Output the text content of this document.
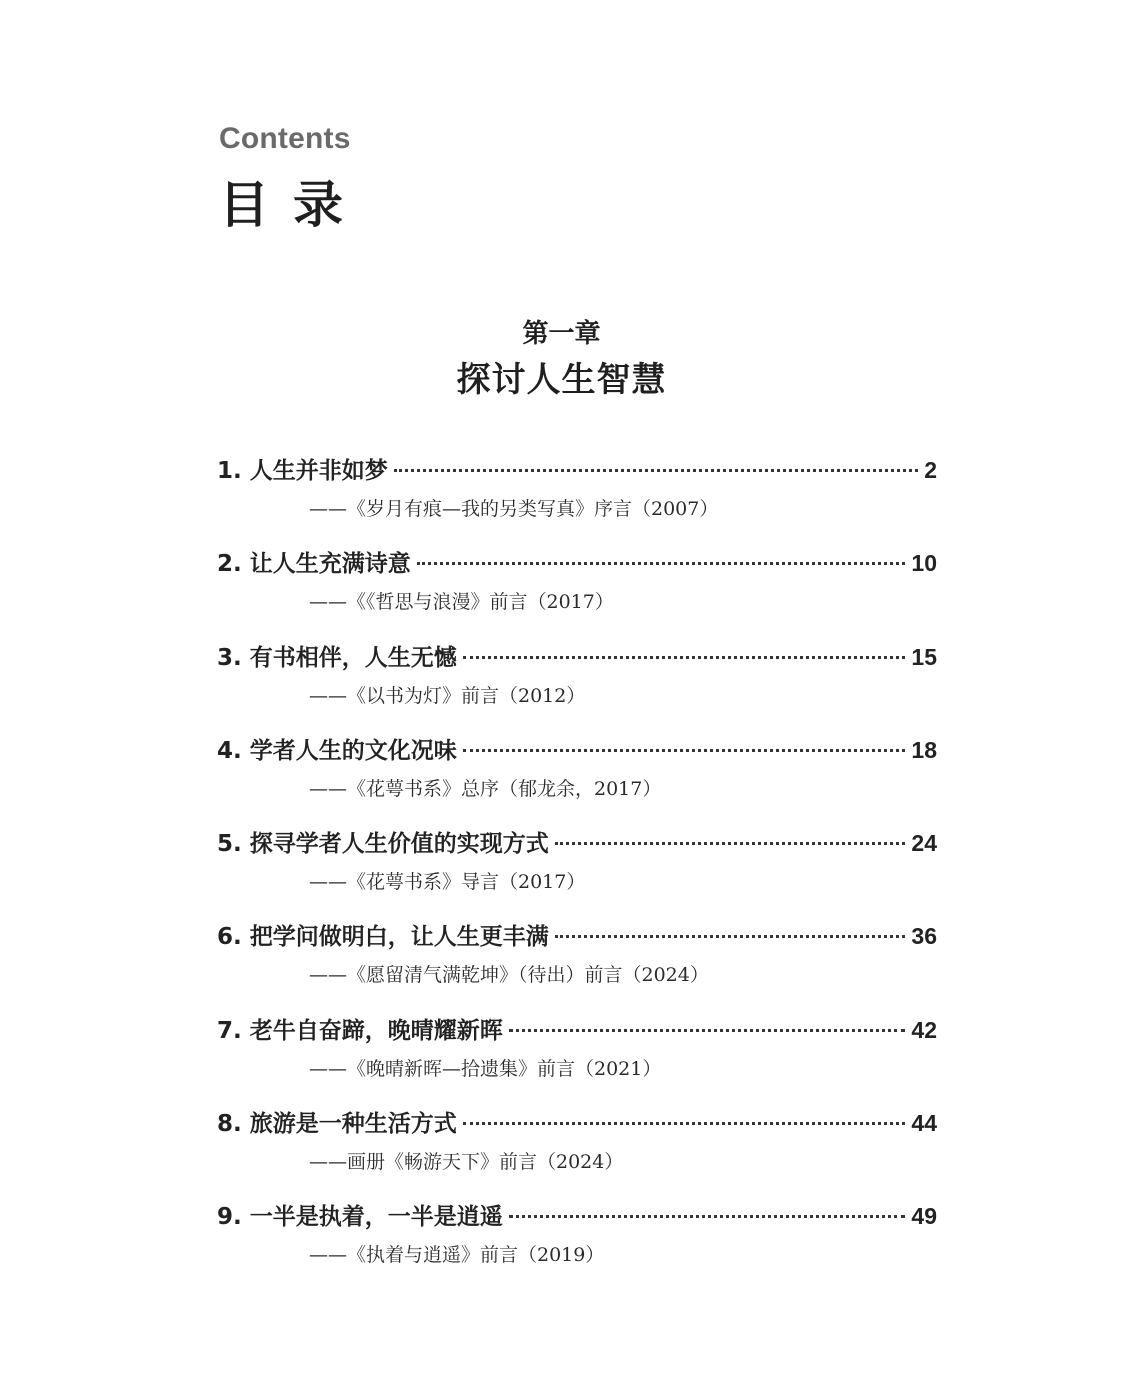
Contents
目录
第一章
探讨人生智慧
1. 人生并非如梦	2
——《岁月有痕—我的另类写真》序言（2007）
2. 让人生充满诗意	10
——《《哲思与浪漫》前言（2017）
3. 有书相伴，人生无憾	15
——《以书为灯》前言（2012）
4. 学者人生的文化况味	18
——《花萼书系》总序（郁龙余，2017）
5. 探寻学者人生价值的实现方式	24
——《花萼书系》导言（2017）
6. 把学问做明白，让人生更丰满	36
——《愿留清气满乾坤》（待出）前言（2024）
7. 老牛自奋蹄，晚晴耀新晖	42
——《晚晴新晖—拾遗集》前言（2021）
8. 旅游是一种生活方式	44
——画册《畅游天下》前言（2024）
9. 一半是执着，一半是逍遥	49
——《执着与逍遥》前言（2019）
